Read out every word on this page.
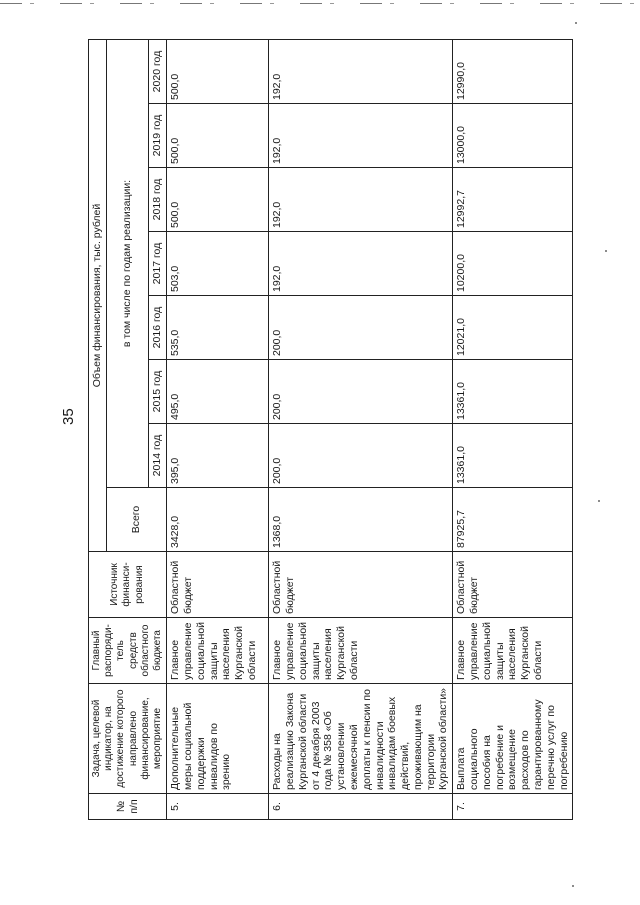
35
№ п/п	Задача, целевой индикатор, на достижение которого направлено финансирование, мероприятие	Главный распоряди-тель средств областного бюджета	Источник финанси-рования	Объем финансирования, тыс. рублей							
				Всего	в том числе по годам реализации:						
					2014 год	2015 год	2016 год	2017 год	2018 год	2019 год	2020 год
5.	Дополнительные меры социальной поддержки инвалидов по зрению	Главное управление социальной защиты населения Курганской области	Областной бюджет	3428,0	395,0	495,0	535,0	503,0	500,0	500,0	500,0
6.	Расходы на реализацию Закона Курганской области от 4 декабря 2003 года № 358 «Об установлении ежемесячной доплаты к пенсии по инвалидности инвалидам боевых действий, проживающим на территории Курганской области»	Главное управление социальной защиты населения Курганской области	Областной бюджет	1368,0	200,0	200,0	200,0	192,0	192,0	192,0	192,0
7.	Выплата социального пособия на погребение и возмещение расходов по гарантированному перечню услуг по погребению	Главное управление социальной защиты населения Курганской области	Областной бюджет	87925,7	13361,0	13361,0	12021,0	10200,0	12992,7	13000,0	12990,0
